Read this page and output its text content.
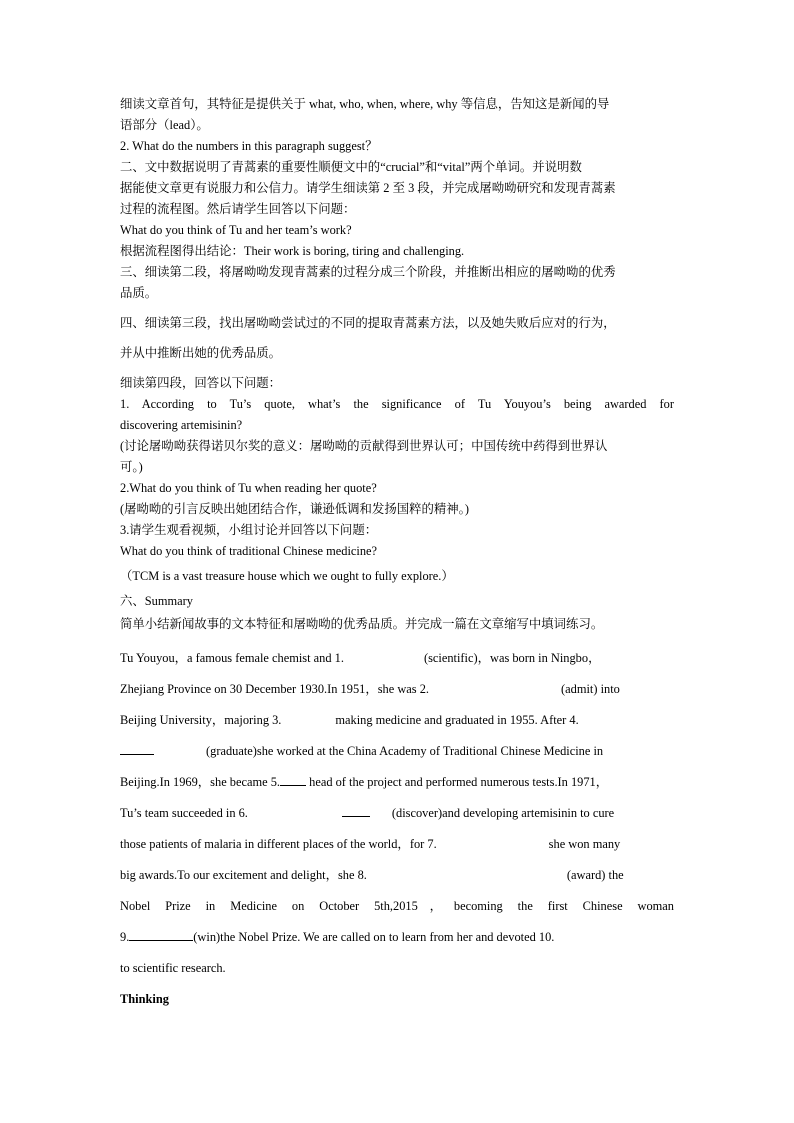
细读文章首句，其特征是提供关于 what, who, when, where, why 等信息，告知这是新闻的导

语部分（lead）。

2. What do the numbers in this paragraph suggest？

二、文中数据说明了青蒿素的重要性顺便文中的“crucial”和“vital”两个单词。并说明数

据能使文章更有说服力和公信力。请学生细读第 2 至 3 段，并完成屠呦呦研究和发现青蒿素

过程的流程图。然后请学生回答以下问题：

What do you think of Tu and her team’s work?

根据流程图得出结论：Their work is boring, tiring and challenging.

三、细读第二段，将屠呦呦发现青蒿素的过程分成三个阶段，并推断出相应的屠呦呦的优秀

品质。

四、细读第三段，找出屠呦呦尝试过的不同的提取青蒿素方法，以及她失败后应对的行为，

并从中推断出她的优秀品质。

细读第四段，回答以下问题：

1. According to Tu’s quote, what’s the significance of Tu Youyou’s being awarded for

discovering artemisinin?

(讨论屠呦呦获得诺贝尔奖的意义：屠呦呦的贡献得到世界认可；中国传统中药得到世界认

可。)

2.What do you think of Tu when reading her quote?

(屠呦呦的引言反映出她团结合作，谦逊低调和发扬国粹的精神。)

3.请学生观看视频，小组讨论并回答以下问题：

What do you think of traditional Chinese medicine?

（TCM is a vast treasure house which we ought to fully explore.）

六、Summary

简单小结新闻故事的文本特征和屠呦呦的优秀品质。并完成一篇在文章缩写中填词练习。

Tu Youyou，a famous female chemist and 1.	(scientific)，was born in Ningbo，

Zhejiang Province on 30 December 1930.In 1951，she was 2.	(admit) into

Beijing University，majoring 3.	making medicine and graduated in 1955. After 4.

(graduate)she worked at the China Academy of Traditional Chinese Medicine in

Beijing.In 1969，she became 5. head of the project and performed numerous tests.In 1971，

Tu’s team succeeded in 6.	(discover)and developing artemisinin to cure

those patients of malaria in different places of the world，for 7.	she won many

big awards.To our excitement and delight，she 8.	(award) the

Nobel Prize in Medicine on October 5th,2015，becoming the first Chinese woman

9.	(win)the Nobel Prize. We are called on to learn from her and devoted 10.

to scientific research.

Thinking
